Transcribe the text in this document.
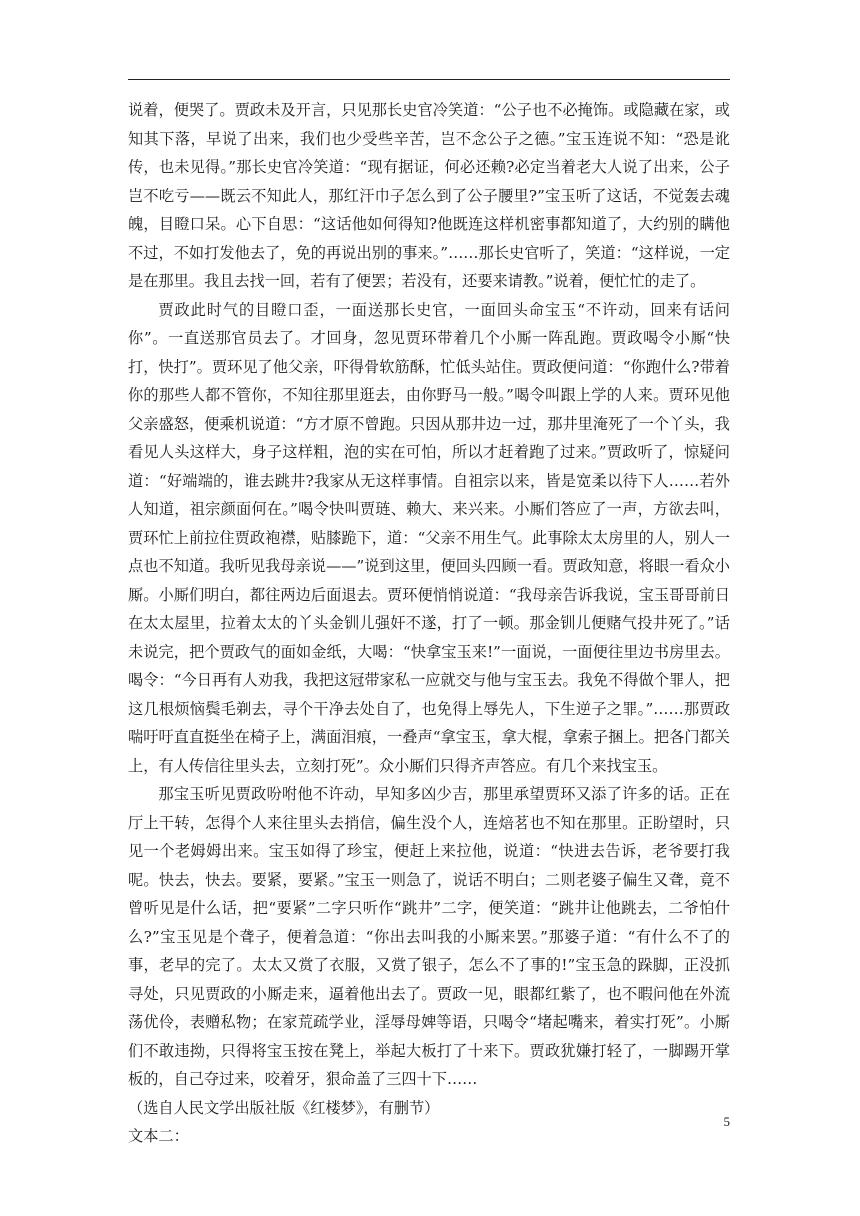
说着，便哭了。贾政未及开言，只见那长史官冷笑道：“公子也不必掩饰。或隐藏在家，或知其下落，早说了出来，我们也少受些辛苦，岂不念公子之德。”宝玉连说不知：“恐是讹传，也未见得。”那长史官冷笑道：“现有据证，何必还赖?必定当着老大人说了出来，公子岂不吃亏——既云不知此人，那红汗巾子怎么到了公子腰里?”宝玉听了这话，不觉轰去魂魄，目瞪口呆。心下自思：“这话他如何得知?他既连这样机密事都知道了，大约别的瞒他不过，不如打发他去了，免的再说出别的事来。”……那长史官听了，笑道：“这样说，一定是在那里。我且去找一回，若有了便罢；若没有，还要来请教。”说着，便忙忙的走了。

贾政此时气的目瞪口歪，一面送那长史官，一面回头命宝玉“不许动，回来有话问你”。一直送那官员去了。才回身，忽见贾环带着几个小厮一阵乱跑。贾政喝令小厮“快打，快打”。贾环见了他父亲，吓得骨软筋酥，忙低头站住。贾政便问道：“你跑什么?带着你的那些人都不管你，不知往那里逛去，由你野马一般。”喝令叫跟上学的人来。贾环见他父亲盛怒，便乘机说道：“方才原不曾跑。只因从那井边一过，那井里淹死了一个丫头，我看见人头这样大，身子这样粗，泡的实在可怕，所以才赶着跑了过来。”贾政听了，惊疑问道：“好端端的，谁去跳井?我家从无这样事情。自祖宗以来，皆是宽柔以待下人……若外人知道，祖宗颜面何在。”喝令快叫贾琏、赖大、来兴来。小厮们答应了一声，方欲去叫，贾环忙上前拉住贾政袍襟，贴膝跪下，道：“父亲不用生气。此事除太太房里的人，别人一点也不知道。我听见我母亲说——”说到这里，便回头四顾一看。贾政知意，将眼一看众小厮。小厮们明白，都往两边后面退去。贾环便悄悄说道：“我母亲告诉我说，宝玉哥哥前日在太太屋里，拉着太太的丫头金钏儿强奸不遂，打了一顿。那金钏儿便赌气投井死了。”话未说完，把个贾政气的面如金纸，大喝：“快拿宝玉来!”一面说，一面便往里边书房里去。喝令：“今日再有人劝我，我把这冠带家私一应就交与他与宝玉去。我免不得做个罪人，把这几根烦恼鬓毛剃去，寻个干净去处自了，也免得上辱先人，下生逆子之罪。”……那贾政喘吁吁直直挺坐在椅子上，满面泪痕，一叠声“拿宝玉，拿大棍，拿索子捆上。把各门都关上，有人传信往里头去，立刻打死”。众小厮们只得齐声答应。有几个来找宝玉。

那宝玉听见贾政吩咐他不许动，早知多凶少吉，那里承望贾环又添了许多的话。正在厅上干转，怎得个人来往里头去捎信，偏生没个人，连焙茗也不知在那里。正盼望时，只见一个老姆姆出来。宝玉如得了珍宝，便赶上来拉他，说道：“快进去告诉，老爷要打我呢。快去，快去。要紧，要紧。”宝玉一则急了，说话不明白；二则老婆子偏生又聋，竟不曾听见是什么话，把“要紧”二字只听作“跳井”二字，便笑道：“跳井让他跳去，二爷怕什么?”宝玉见是个聋子，便着急道：“你出去叫我的小厮来罢。”那婆子道：“有什么不了的事，老早的完了。太太又赏了衣服，又赏了银子，怎么不了事的!”宝玉急的跺脚，正没抓寻处，只见贾政的小厮走来，逼着他出去了。贾政一见，眼都红紫了，也不暇问他在外流荡优伶，表赠私物；在家荒疏学业，淫辱母婢等语，只喝令“堵起嘴来，着实打死”。小厮们不敢违拗，只得将宝玉按在凳上，举起大板打了十来下。贾政犹嫌打轻了，一脚踢开掌板的，自己夺过来，咬着牙，狠命盖了三四十下……

（选自人民文学出版社版《红楼梦》，有删节）

文本二：

5
